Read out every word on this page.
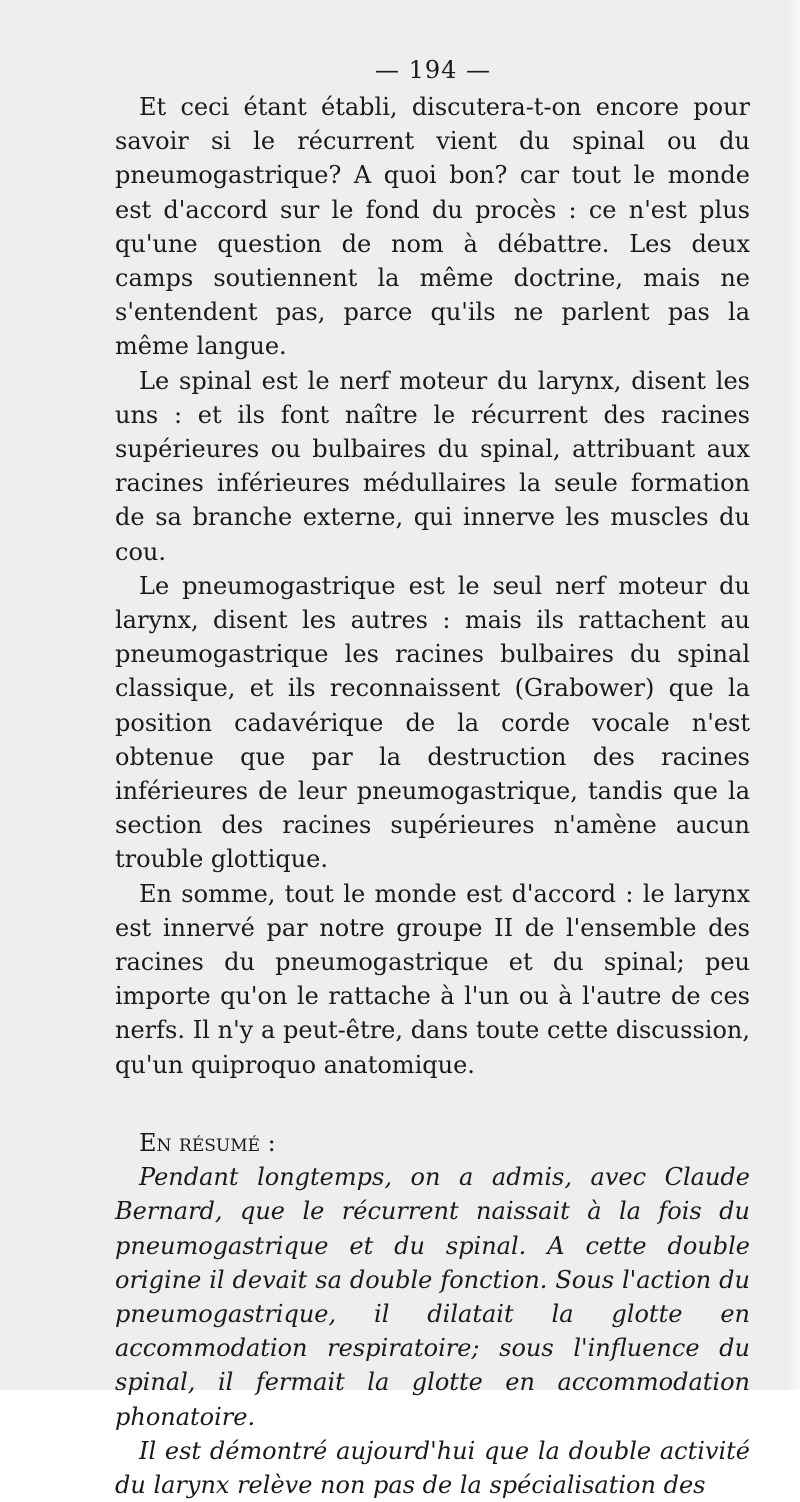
— 194 —

Et ceci étant établi, discutera-t-on encore pour savoir si le récurrent vient du spinal ou du pneumogastrique? A quoi bon? car tout le monde est d'accord sur le fond du procès : ce n'est plus qu'une question de nom à débattre. Les deux camps soutiennent la même doctrine, mais ne s'entendent pas, parce qu'ils ne parlent pas la même langue.

Le spinal est le nerf moteur du larynx, disent les uns : et ils font naître le récurrent des racines supérieures ou bulbaires du spinal, attribuant aux racines inférieures médullaires la seule formation de sa branche externe, qui innerve les muscles du cou.

Le pneumogastrique est le seul nerf moteur du larynx, disent les autres : mais ils rattachent au pneumogastrique les racines bulbaires du spinal classique, et ils reconnaissent (Grabower) que la position cadavérique de la corde vocale n'est obtenue que par la destruction des racines inférieures de leur pneumogastrique, tandis que la section des racines supérieures n'amène aucun trouble glottique.

En somme, tout le monde est d'accord : le larynx est innervé par notre groupe II de l'ensemble des racines du pneumogastrique et du spinal; peu importe qu'on le rattache à l'un ou à l'autre de ces nerfs. Il n'y a peut-être, dans toute cette discussion, qu'un quiproquo anatomique.

En résumé :

Pendant longtemps, on a admis, avec Claude Bernard, que le récurrent naissait à la fois du pneumogastrique et du spinal. A cette double origine il devait sa double fonction. Sous l'action du pneumogastrique, il dilatait la glotte en accommodation respiratoire; sous l'influence du spinal, il fermait la glotte en accommodation phonatoire.

Il est démontré aujourd'hui que la double activité du larynx relève non pas de la spécialisation des
